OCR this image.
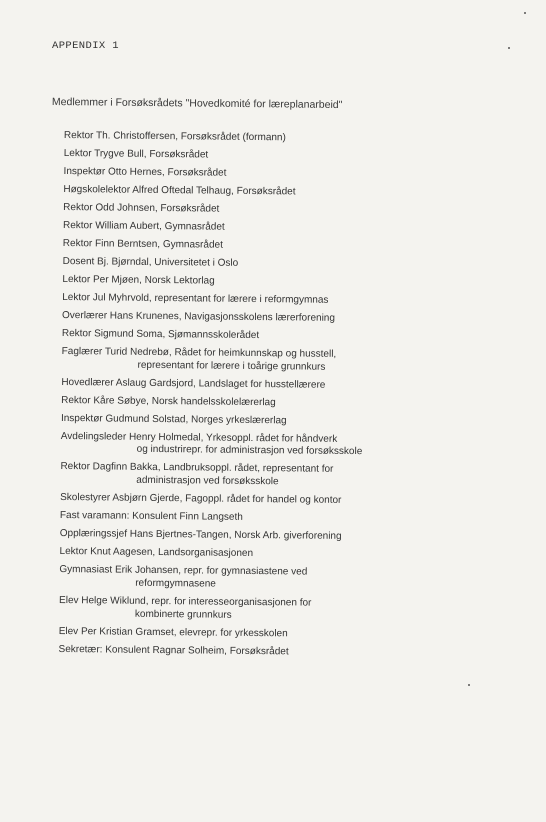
APPENDIX 1
Medlemmer i Forsøksrådets "Hovedkomité for læreplanarbeid"
Rektor Th. Christoffersen, Forsøksrådet (formann)
Lektor Trygve Bull, Forsøksrådet
Inspektør Otto Hernes, Forsøksrådet
Høgskolelektor Alfred Oftedal Telhaug, Forsøksrådet
Rektor Odd Johnsen, Forsøksrådet
Rektor William Aubert, Gymnasrådet
Rektor Finn Berntsen, Gymnasrådet
Dosent Bj. Bjørndal, Universitetet i Oslo
Lektor Per Mjøen, Norsk Lektorlag
Lektor Jul Myhrvold, representant for lærere i reformgymnas
Overlærer Hans Krunenes, Navigasjonsskolens lærerforening
Rektor Sigmund Soma, Sjømannsskolerådet
Faglærer Turid Nedrebø, Rådet for heimkunnskap og husstell,
representant for lærere i toårige grunnkurs
Hovedlærer Aslaug Gardsjord, Landslaget for husstellærere
Rektor Kåre Søbye, Norsk handelsskolelærerlag
Inspektør Gudmund Solstad, Norges yrkeslærerlag
Avdelingsleder Henry Holmedal, Yrkesoppl. rådet for håndverk
og industrirepr. for administrasjon ved forsøksskole
Rektor Dagfinn Bakka, Landbruksoppl. rådet, representant for
administrasjon ved forsøksskole
Skolestyrer Asbjørn Gjerde, Fagoppl. rådet for handel og kontor
Fast varamann: Konsulent Finn Langseth
Opplæringssjef Hans Bjertnes-Tangen, Norsk Arb. giverforening
Lektor Knut Aagesen, Landsorganisasjonen
Gymnasiast Erik Johansen, repr. for gymnasiastene ved
reformgymnasene
Elev Helge Wiklund, repr. for interesseorganisasjonen for
kombinerte grunnkurs
Elev Per Kristian Gramset, elevrepr. for yrkesskolen
Sekretær: Konsulent Ragnar Solheim, Forsøksrådet
